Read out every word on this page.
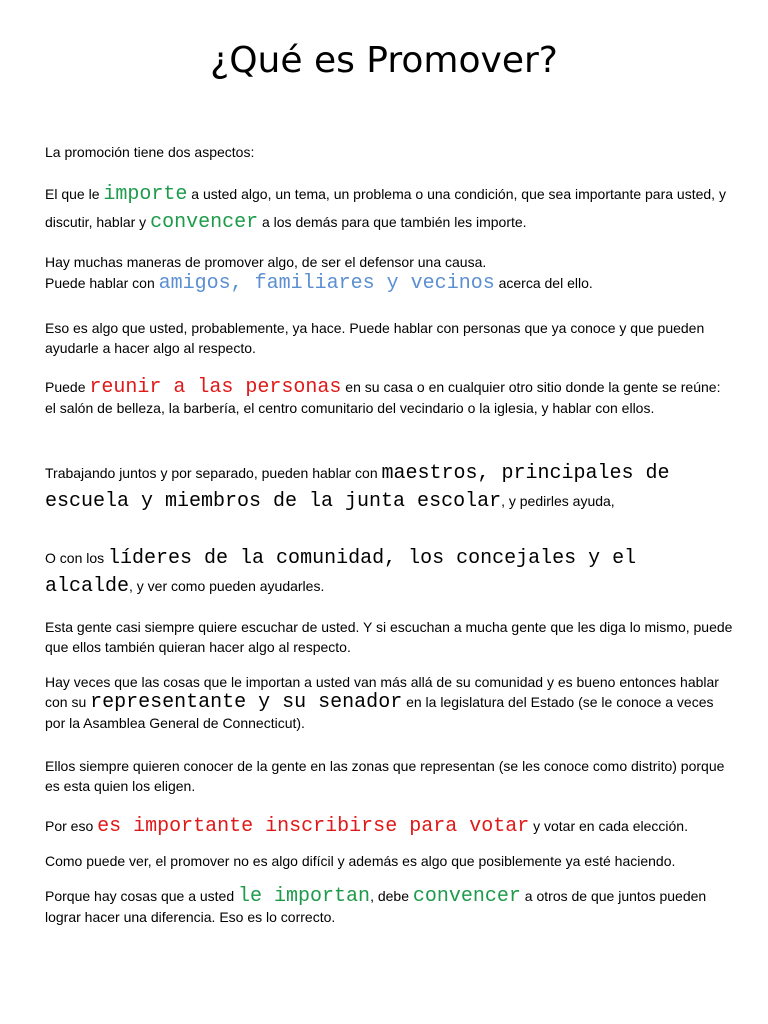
¿Qué es Promover?

La promoción tiene dos aspectos:

El que le importe a usted algo, un tema, un problema o una condición, que sea importante para usted, y discutir, hablar y convencer a los demás para que también les importe.

Hay muchas maneras de promover algo, de ser el defensor una causa.

Puede hablar con amigos, familiares y vecinos acerca del ello.

Eso es algo que usted, probablemente, ya hace. Puede hablar con personas que ya conoce y que pueden ayudarle a hacer algo al respecto.

Puede reunir a las personas en su casa o en cualquier otro sitio donde la gente se reúne: el salón de belleza, la barbería, el centro comunitario del vecindario o la iglesia, y hablar con ellos.

Trabajando juntos y por separado, pueden hablar con maestros, principales de escuela y miembros de la junta escolar, y pedirles ayuda,

O con los líderes de la comunidad, los concejales y el alcalde, y ver como pueden ayudarles.

Esta gente casi siempre quiere escuchar de usted. Y si escuchan a mucha gente que les diga lo mismo, puede que ellos también quieran hacer algo al respecto.

Hay veces que las cosas que le importan a usted van más allá de su comunidad y es bueno entonces hablar con su representante y su senador en la legislatura del Estado (se le conoce a veces por la Asamblea General de Connecticut).

Ellos siempre quieren conocer de la gente en las zonas que representan (se les conoce como distrito) porque es esta quien los eligen.

Por eso es importante inscribirse para votar y votar en cada elección.

Como puede ver, el promover no es algo difícil y además es algo que posiblemente ya esté haciendo.

Porque hay cosas que a usted le importan, debe convencer a otros de que juntos pueden lograr hacer una diferencia. Eso es lo correcto.
